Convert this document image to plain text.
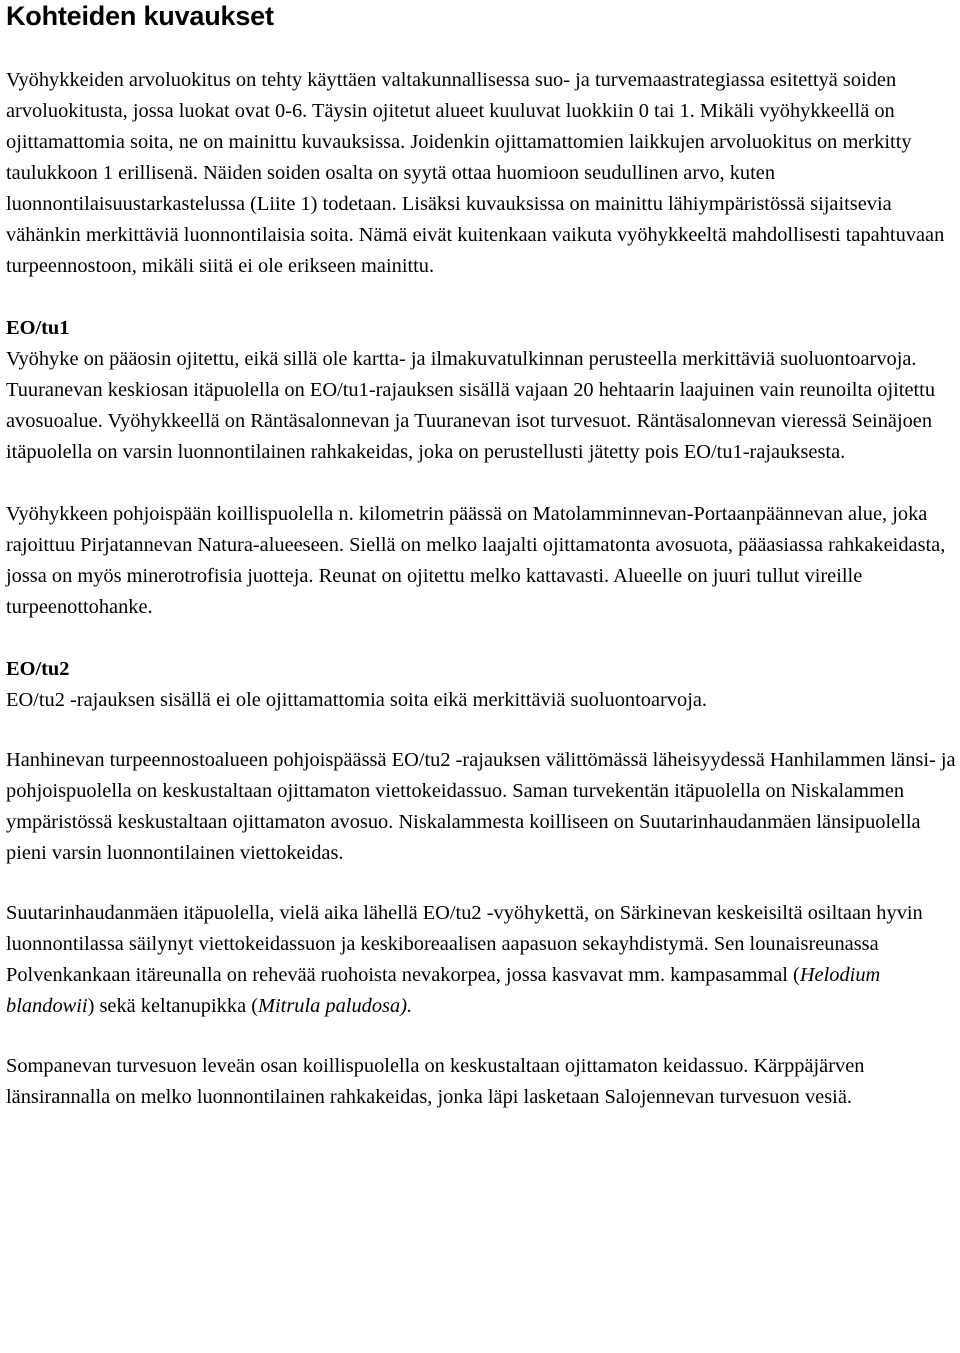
Kohteiden kuvaukset

Vyöhykkeiden arvoluokitus on tehty käyttäen valtakunnallisessa suo- ja turvemaastrategiassa esitettyä soiden arvoluokitusta, jossa luokat ovat 0-6. Täysin ojitetut alueet kuuluvat luokkiin 0 tai 1. Mikäli vyöhykkeellä on ojittamattomia soita, ne on mainittu kuvauksissa. Joidenkin ojittamattomien laikkujen arvoluokitus on merkitty taulukkoon 1 erillisenä. Näiden soiden osalta on syytä ottaa huomioon seudullinen arvo, kuten luonnontilaisuustarkastelussa (Liite 1) todetaan. Lisäksi kuvauksissa on mainittu lähiympäristössä sijaitsevia vähänkin merkittäviä luonnontilaisia soita. Nämä eivät kuitenkaan vaikuta vyöhykkeeltä mahdollisesti tapahtuvaan turpeennostoon, mikäli siitä ei ole erikseen mainittu.

EO/tu1

Vyöhyke on pääosin ojitettu, eikä sillä ole kartta- ja ilmakuvatulkinnan perusteella merkittäviä suoluontoarvoja. Tuuranevan keskiosan itäpuolella on EO/tu1-rajauksen sisällä vajaan 20 hehtaarin laajuinen vain reunoilta ojitettu avosuoalue. Vyöhykkeellä on Räntäsalonnevan ja Tuuranevan isot turvesuot. Räntäsalonnevan vieressä Seinäjoen itäpuolella on varsin luonnontilainen rahkakeidas, joka on perustellusti jätetty pois EO/tu1-rajauksesta.

Vyöhykkeen pohjoispään koillispuolella n. kilometrin päässä on Matolamminnevan-Portaanpäännevan alue, joka rajoittuu Pirjatannevan Natura-alueeseen. Siellä on melko laajalti ojittamatonta avosuota, pääasiassa rahkakeidasta, jossa on myös minerotrofisia juotteja. Reunat on ojitettu melko kattavasti. Alueelle on juuri tullut vireille turpeenottohanke.

EO/tu2

EO/tu2 -rajauksen sisällä ei ole ojittamattomia soita eikä merkittäviä suoluontoarvoja.

Hanhinevan turpeennostoalueen pohjoispäässä EO/tu2 -rajauksen välittömässä läheisyydessä Hanhilammen länsi- ja pohjoispuolella on keskustaltaan ojittamaton viettokeidassuo. Saman turvekentän itäpuolella on Niskalammen ympäristössä keskustaltaan ojittamaton avosuo. Niskalammesta koilliseen on Suutarinhaudanmäen länsipuolella pieni varsin luonnontilainen viettokeidas.

Suutarinhaudanmäen itäpuolella, vielä aika lähellä EO/tu2 -vyöhykettä, on Särkinevan keskeisiltä osiltaan hyvin luonnontilassa säilynyt viettokeidassuon ja keskiboreaalisen aapasuon sekayhdistymä. Sen lounaisreunassa Polvenkankaan itäreunalla on rehevää ruohoista nevakorpea, jossa kasvavat mm. kampasammal (Helodium blandowii) sekä keltanupikka (Mitrula paludosa).

Sompanevan turvesuon leveän osan koillispuolella on keskustaltaan ojittamaton keidassuo. Kärppäjärven länsirannalla on melko luonnontilainen rahkakeidas, jonka läpi lasketaan Salojennevan turvesuon vesiä.
